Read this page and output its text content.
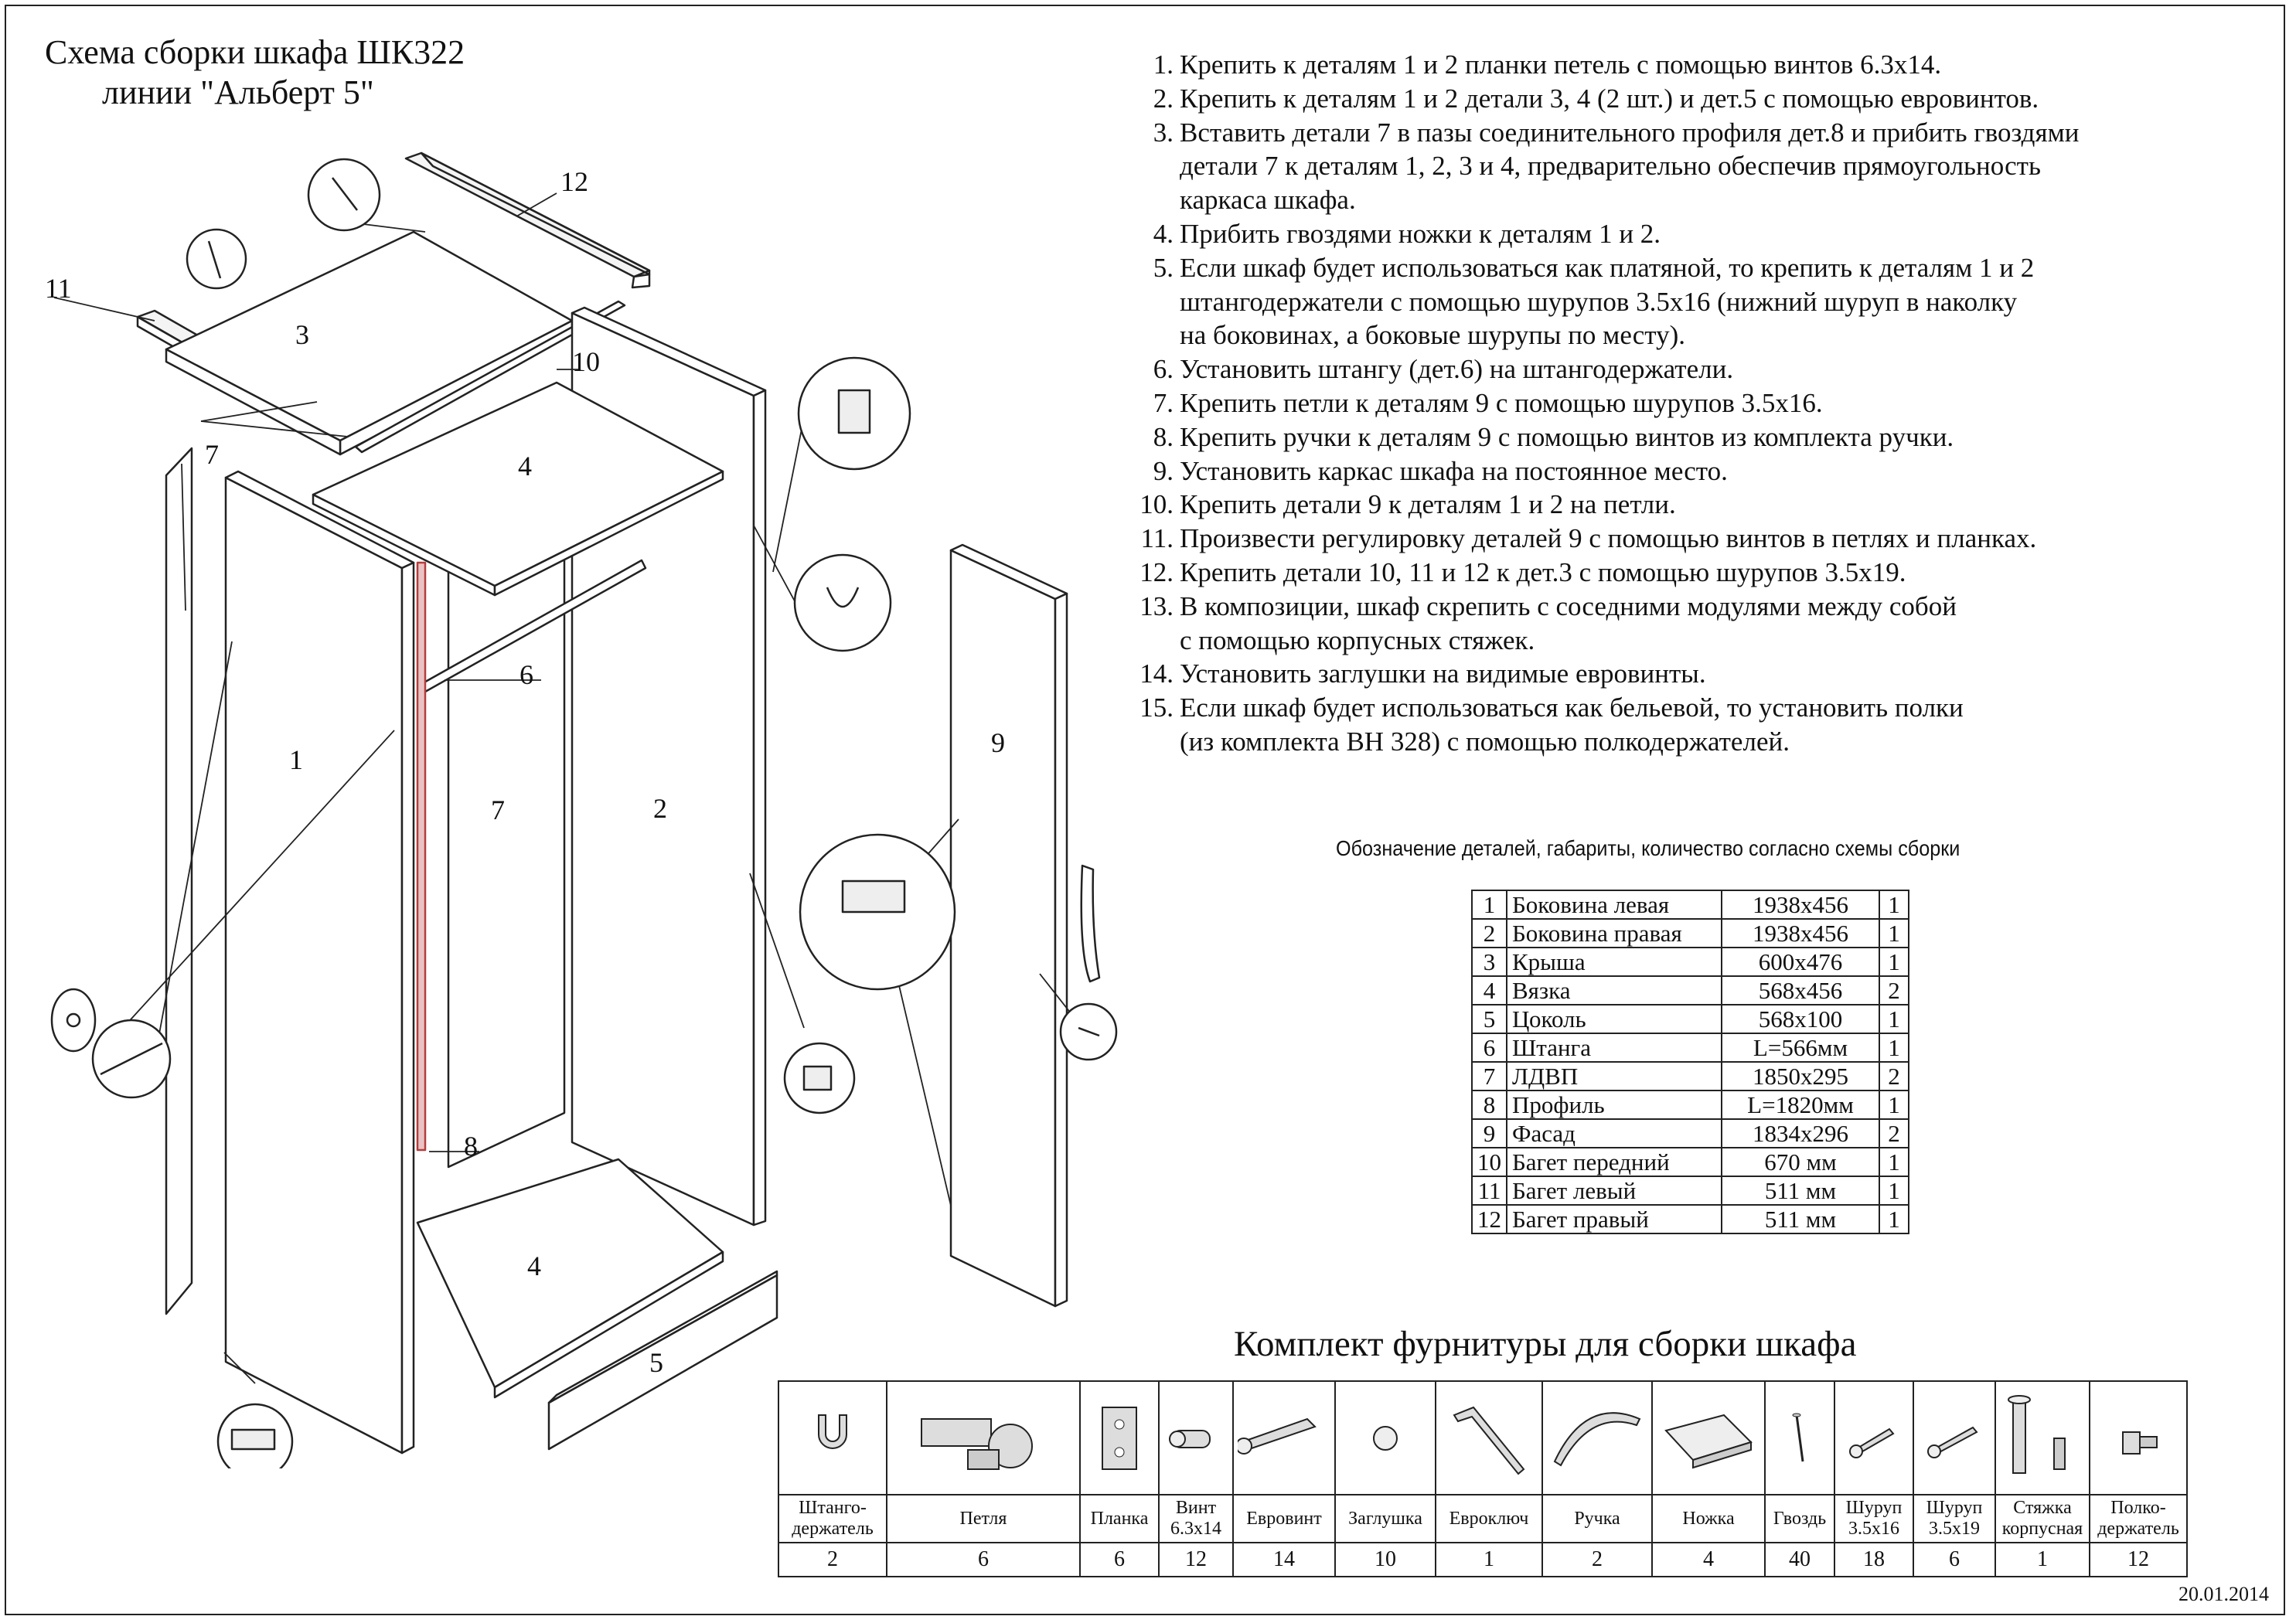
3
4
4
2
1
5
6
7
7
8
9
10
11
12
Схема сборки шкафа ШК322
линии "Альберт 5"
1. Крепить к деталям 1 и 2 планки петель с помощью винтов 6.3х14.
2. Крепить к деталям 1 и 2 детали 3, 4 (2 шт.) и дет.5 с помощью евровинтов.
3. Вставить детали 7 в пазы соединительного профиля дет.8 и прибить гвоздями
детали 7 к деталям 1, 2, 3 и 4, предварительно обеспечив прямоугольность
каркаса шкафа.
4. Прибить гвоздями ножки к деталям 1 и 2.
5. Если шкаф будет использоваться как платяной, то крепить к деталям 1 и 2
штангодержатели с помощью шурупов 3.5х16 (нижний шуруп в наколку
на боковинах, а боковые шурупы по месту).
6. Установить штангу (дет.6) на штангодержатели.
7. Крепить петли к деталям 9 с помощью шурупов 3.5х16.
8. Крепить ручки к деталям 9 с помощью винтов из комплекта ручки.
9. Установить каркас шкафа на постоянное место.
10. Крепить детали 9 к деталям 1 и 2 на петли.
11. Произвести регулировку деталей 9 с помощью винтов в петлях и планках.
12. Крепить детали 10, 11 и 12 к дет.3 с помощью шурупов 3.5х19.
13. В композиции, шкаф скрепить с соседними модулями между собой
с помощью корпусных стяжек.
14. Установить заглушки на видимые евровинты.
15. Если шкаф будет использоваться как бельевой, то установить полки
(из комплекта ВН 328) с помощью полкодержателей.
Обозначение деталей, габариты, количество согласно схемы сборки
1	Боковина левая	1938х456	1
2	Боковина правая	1938х456	1
3	Крыша	600х476	1
4	Вязка	568х456	2
5	Цоколь	568х100	1
6	Штанга	L=566мм	1
7	ЛДВП	1850х295	2
8	Профиль	L=1820мм	1
9	Фасад	1834х296	2
10	Багет передний	670 мм	1
11	Багет левый	511 мм	1
12	Багет правый	511 мм	1
Комплект фурнитуры для сборки шкафа

Штанго-
держатель	Петля	Планка	Винт
6.3х14	Евровинт	Заглушка	Евроключ	Ручка	Ножка	Гвоздь	Шуруп
3.5х16	Шуруп
3.5х19	Стяжка
корпусная	Полко-
держатель
2	6	6	12	14	10	1	2	4	40	18	6	1	12
20.01.2014
